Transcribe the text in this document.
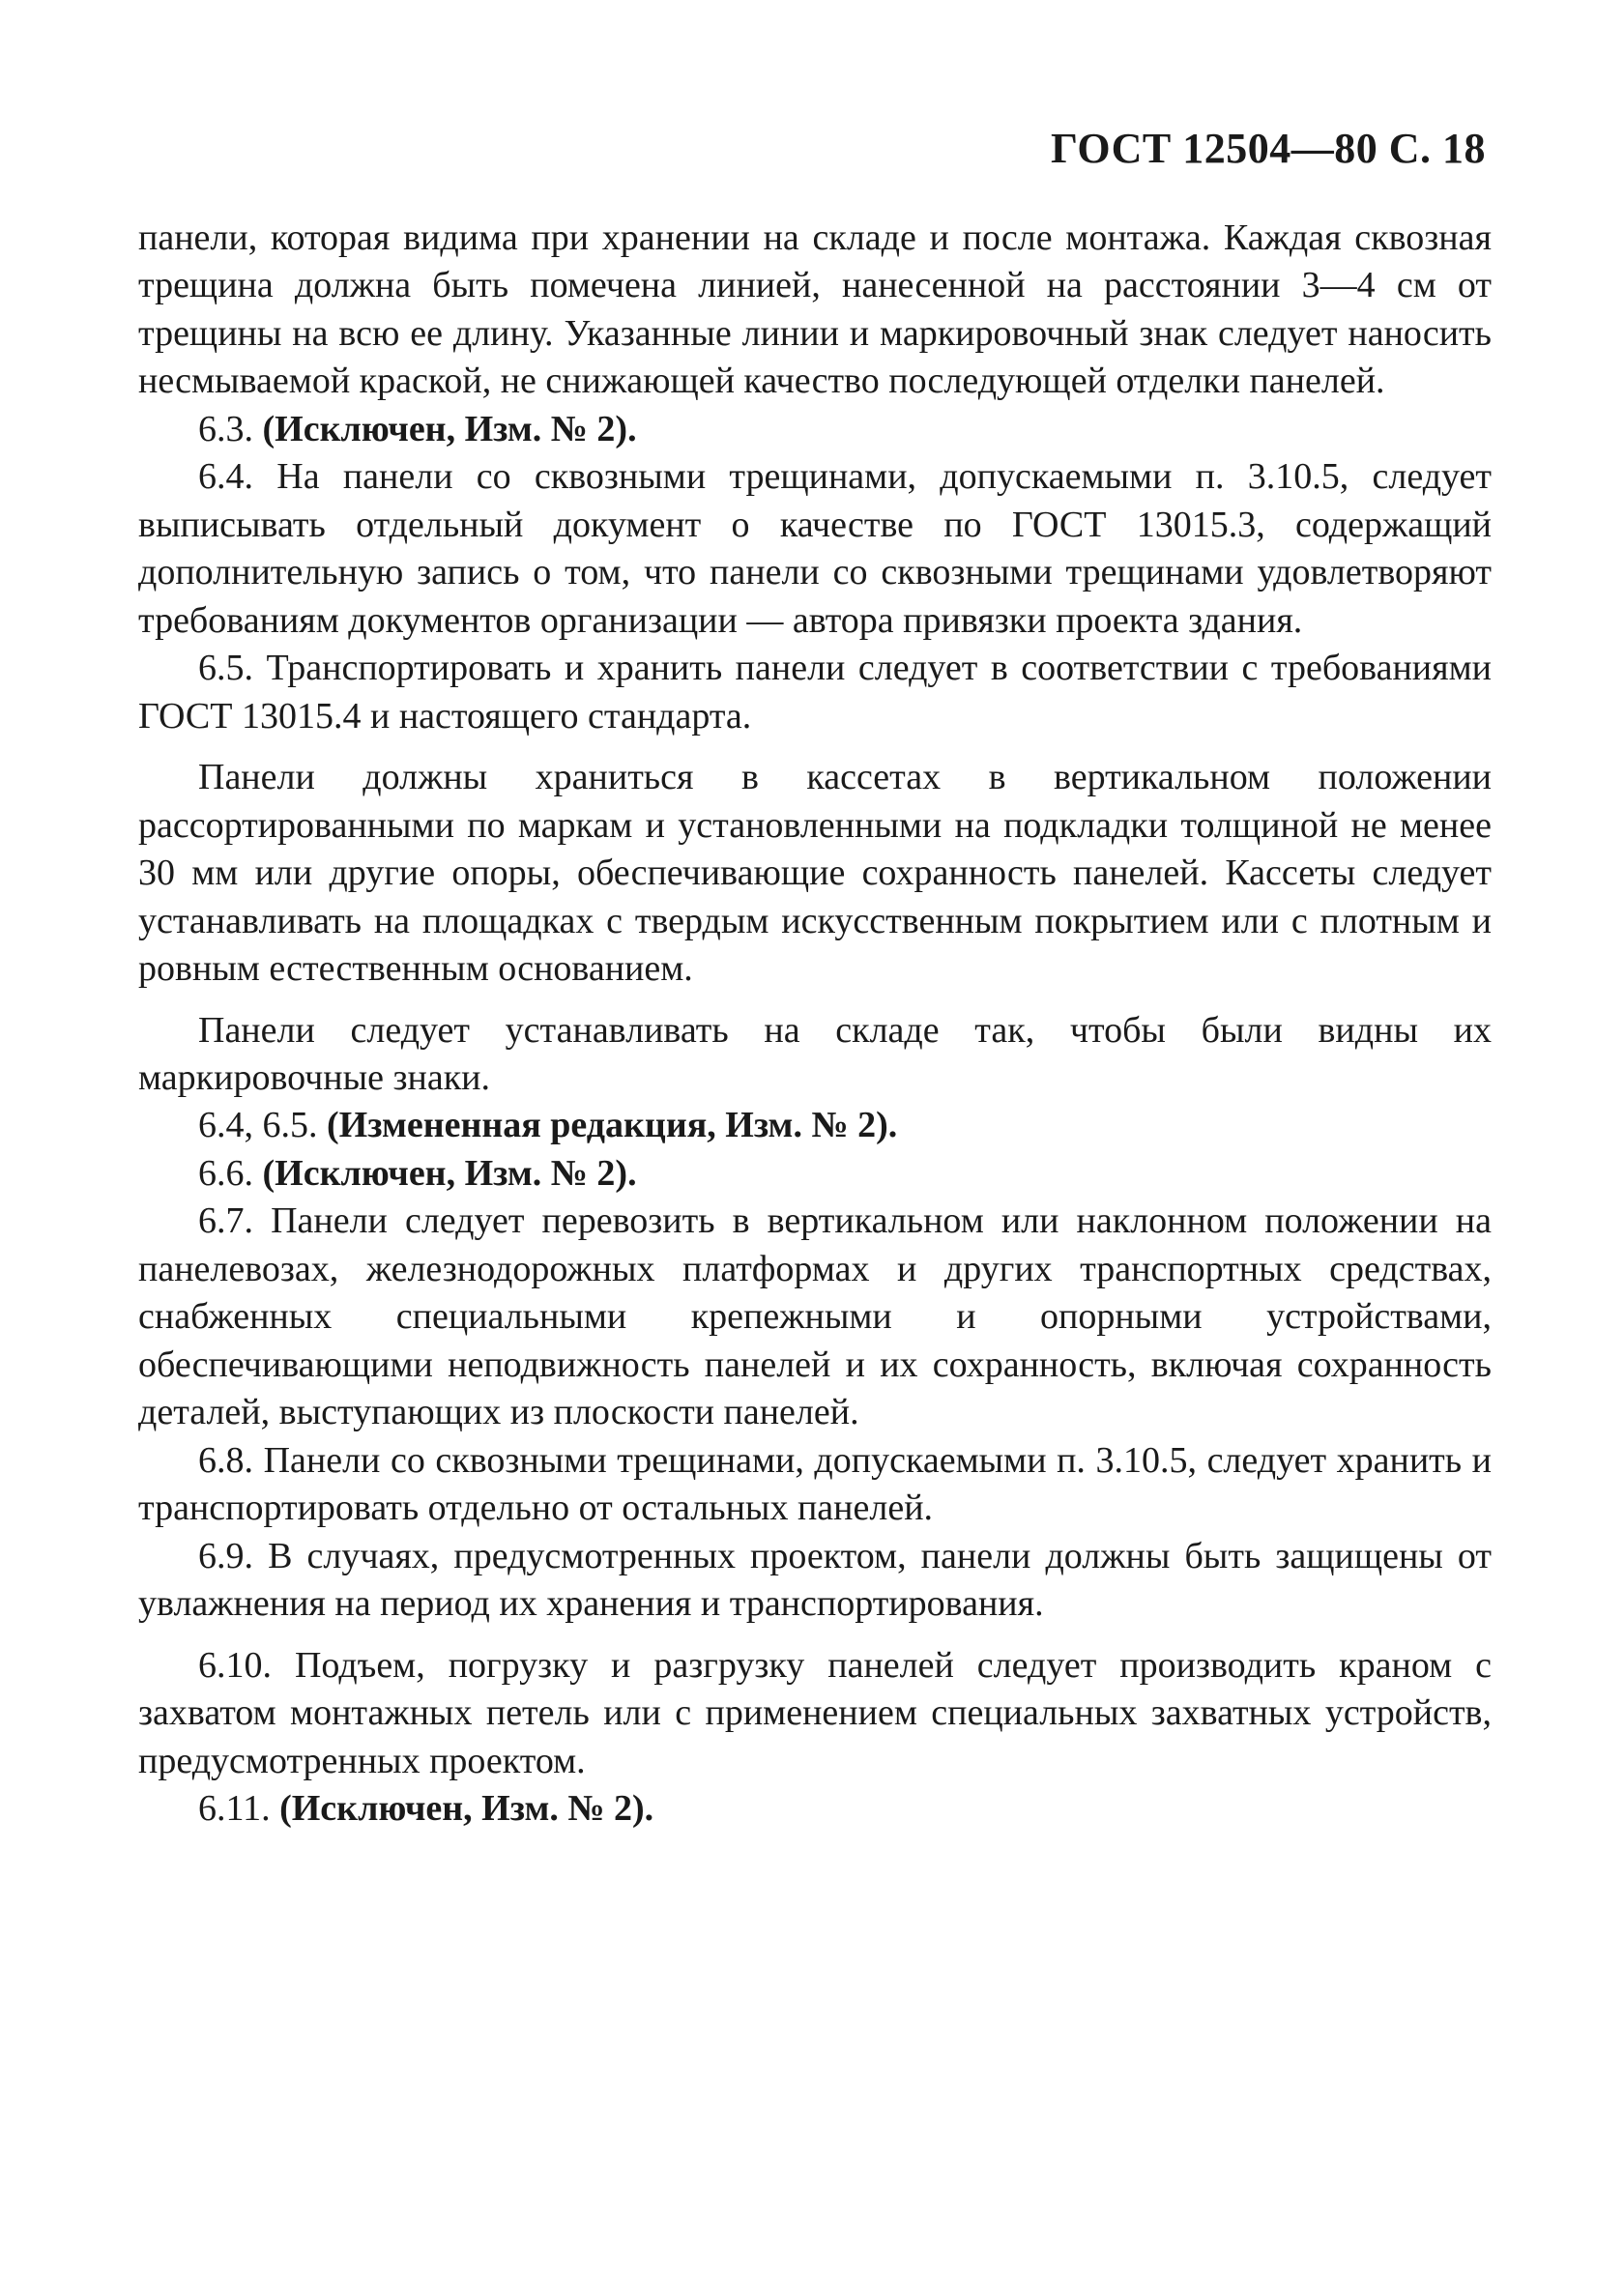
ГОСТ 12504—80 С. 18

панели, которая видима при хранении на складе и после монтажа. Каждая сквозная трещина должна быть помечена линией, нанесенной на расстоянии 3—4 см от трещины на всю ее длину. Указанные линии и маркировочный знак следует наносить несмываемой краской, не снижающей качество последующей отделки панелей.

6.3. (Исключен, Изм. № 2).

6.4. На панели со сквозными трещинами, допускаемыми п. 3.10.5, следует выписывать отдельный документ о качестве по ГОСТ 13015.3, содержащий дополнительную запись о том, что панели со сквозными трещинами удовлетворяют требованиям документов организации — автора привязки проекта здания.

6.5. Транспортировать и хранить панели следует в соответствии с требованиями ГОСТ 13015.4 и настоящего стандарта.

Панели должны храниться в кассетах в вертикальном положении рассортированными по маркам и установленными на подкладки толщиной не менее 30 мм или другие опоры, обеспечивающие сохранность панелей. Кассеты следует устанавливать на площадках с твердым искусственным покрытием или с плотным и ровным естественным основанием.

Панели следует устанавливать на складе так, чтобы были видны их маркировочные знаки.

6.4, 6.5. (Измененная редакция, Изм. № 2).

6.6. (Исключен, Изм. № 2).

6.7. Панели следует перевозить в вертикальном или наклонном положении на панелевозах, железнодорожных платформах и других транспортных средствах, снабженных специальными крепежными и опорными устройствами, обеспечивающими неподвижность панелей и их сохранность, включая сохранность деталей, выступающих из плоскости панелей.

6.8. Панели со сквозными трещинами, допускаемыми п. 3.10.5, следует хранить и транспортировать отдельно от остальных панелей.

6.9. В случаях, предусмотренных проектом, панели должны быть защищены от увлажнения на период их хранения и транспортирования.

6.10. Подъем, погрузку и разгрузку панелей следует производить краном с захватом монтажных петель или с применением специальных захватных устройств, предусмотренных проектом.

6.11. (Исключен, Изм. № 2).
